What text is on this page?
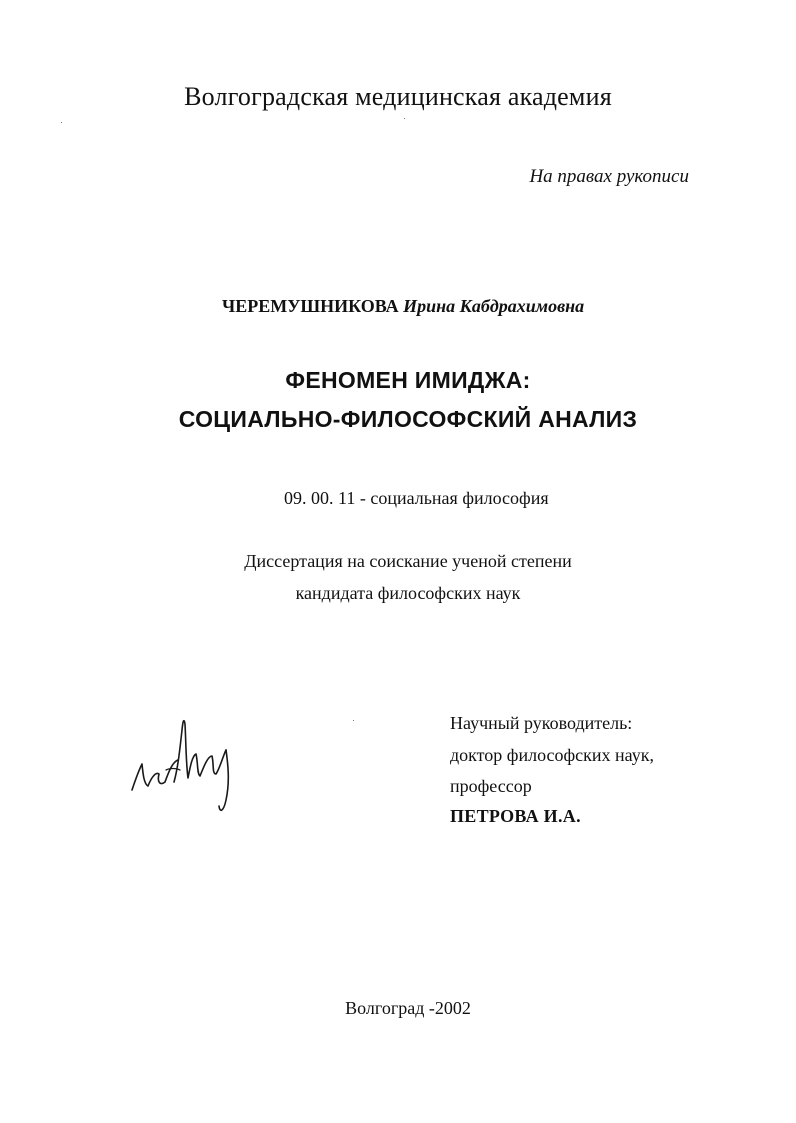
Волгоградская медицинская академия
На правах рукописи
ЧЕРЕМУШНИКОВА Ирина Кабдрахимовна
ФЕНОМЕН ИМИДЖА:
СОЦИАЛЬНО-ФИЛОСОФСКИЙ АНАЛИЗ
09. 00. 11 - социальная философия
Диссертация на соискание ученой степени
кандидата философских наук
Научный руководитель:
доктор философских наук,
профессор
ПЕТРОВА И.А.
Волгоград -2002
